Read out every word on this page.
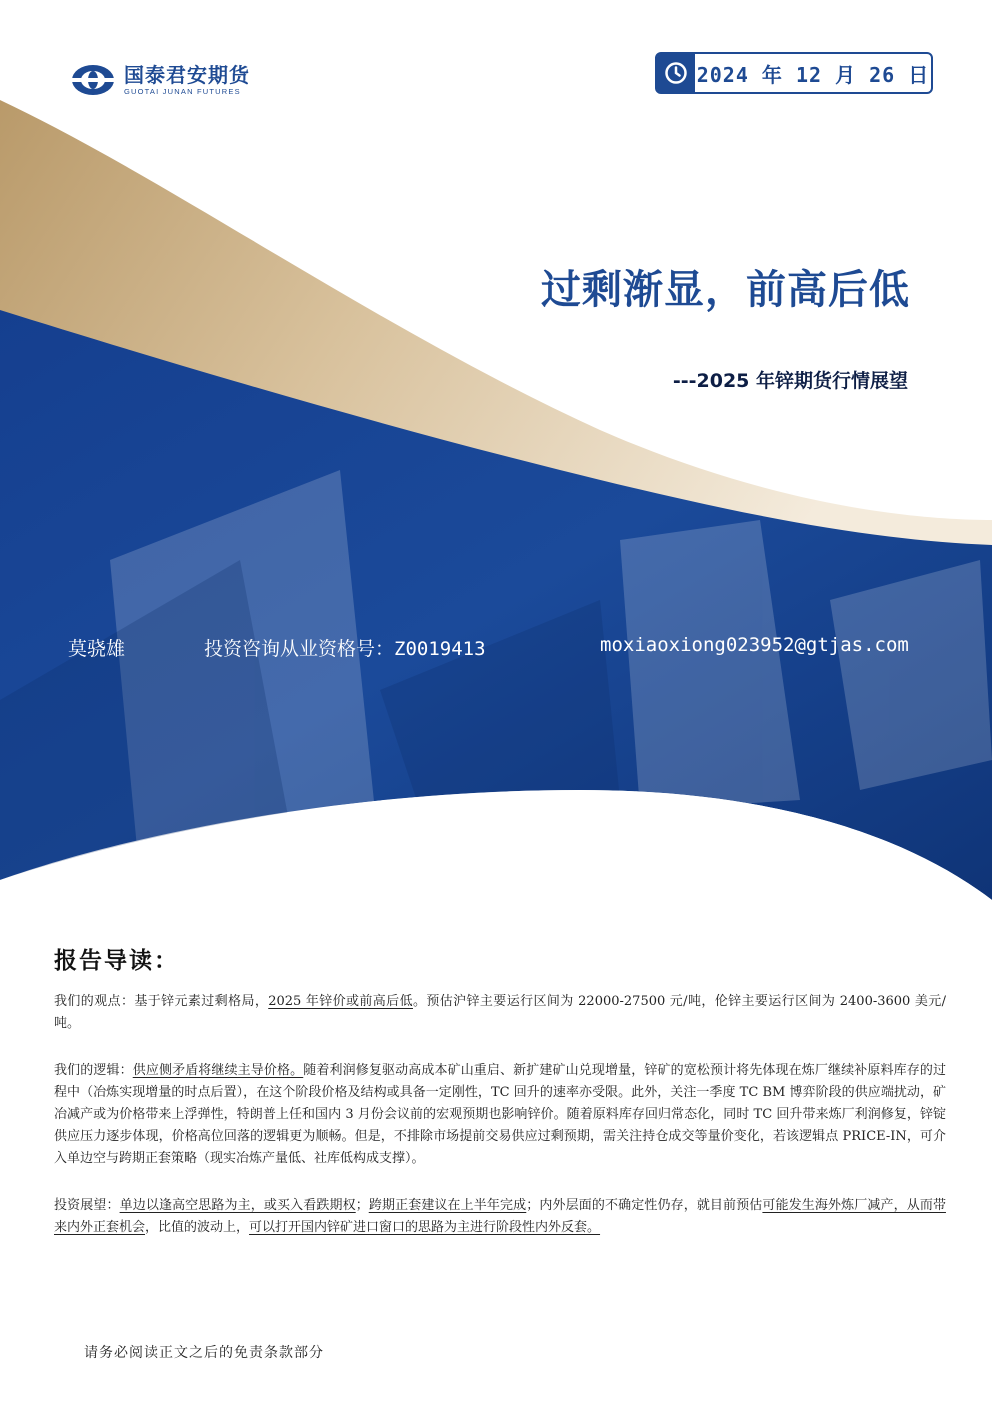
国泰君安期货
GUOTAI JUNAN FUTURES
2024 年 12 月 26 日
过剩渐显，前高后低
---2025 年锌期货行情展望
莫骁雄	投资咨询从业资格号：Z0019413	moxiaoxiong023952@gtjas.com
报告导读：

我们的观点：基于锌元素过剩格局，2025 年锌价或前高后低。预估沪锌主要运行区间为 22000-27500 元/吨，伦锌主要运行区间为 2400-3600 美元/吨。

我们的逻辑：供应侧矛盾将继续主导价格。随着利润修复驱动高成本矿山重启、新扩建矿山兑现增量，锌矿的宽松预计将先体现在炼厂继续补原料库存的过程中（冶炼实现增量的时点后置），在这个阶段价格及结构或具备一定刚性，TC 回升的速率亦受限。此外，关注一季度 TC BM 博弈阶段的供应端扰动，矿冶减产或为价格带来上浮弹性，特朗普上任和国内 3 月份会议前的宏观预期也影响锌价。随着原料库存回归常态化，同时 TC 回升带来炼厂利润修复，锌锭供应压力逐步体现，价格高位回落的逻辑更为顺畅。但是，不排除市场提前交易供应过剩预期，需关注持仓成交等量价变化，若该逻辑点 PRICE-IN，可介入单边空与跨期正套策略（现实冶炼产量低、社库低构成支撑）。

投资展望：单边以逢高空思路为主，或买入看跌期权；跨期正套建议在上半年完成；内外层面的不确定性仍存，就目前预估可能发生海外炼厂减产，从而带来内外正套机会，比值的波动上，可以打开国内锌矿进口窗口的思路为主进行阶段性内外反套。

请务必阅读正文之后的免责条款部分
